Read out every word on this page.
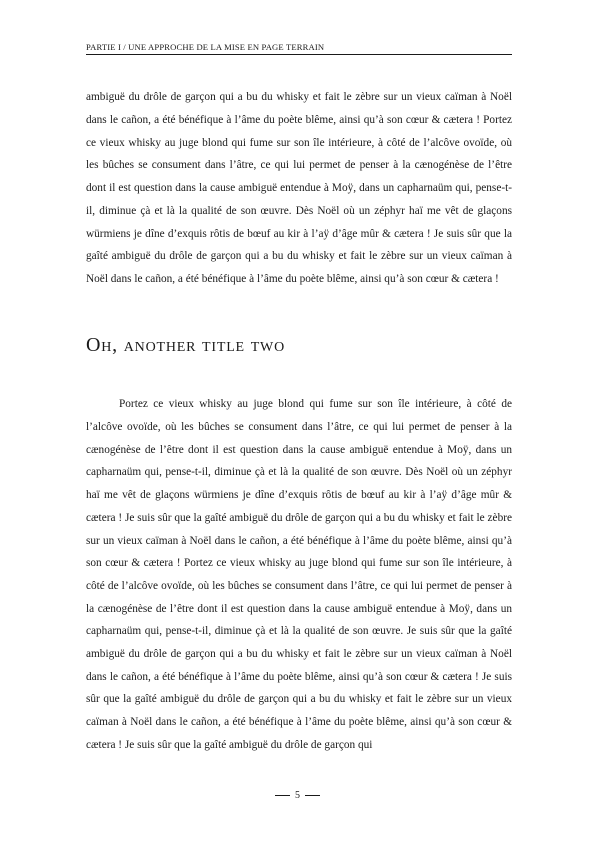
PARTIE I / UNE APPROCHE DE LA MISE EN PAGE TERRAIN

ambiguë du drôle de garçon qui a bu du whisky et fait le zèbre sur un vieux caïman à Noël dans le cañon, a été bénéfique à l’âme du poète blême, ainsi qu’à son cœur & cætera ! Portez ce vieux whisky au juge blond qui fume sur son île intérieure, à côté de l’alcôve ovoïde, où les bûches se consument dans l’âtre, ce qui lui permet de penser à la cænogénèse de l’être dont il est question dans la cause ambiguë entendue à Moÿ, dans un capharnaüm qui, pense-t-il, diminue çà et là la qualité de son œuvre. Dès Noël où un zéphyr haï me vêt de glaçons würmiens je dîne d’exquis rôtis de bœuf au kir à l’aÿ d’âge mûr & cætera ! Je suis sûr que la gaîté ambiguë du drôle de garçon qui a bu du whisky et fait le zèbre sur un vieux caïman à Noël dans le cañon, a été bénéfique à l’âme du poète blême, ainsi qu’à son cœur & cætera !

Oh, another title two

Portez ce vieux whisky au juge blond qui fume sur son île intérieure, à côté de l’alcôve ovoïde, où les bûches se consument dans l’âtre, ce qui lui permet de penser à la cænogénèse de l’être dont il est question dans la cause ambiguë entendue à Moÿ, dans un capharnaüm qui, pense-t-il, diminue çà et là la qualité de son œuvre. Dès Noël où un zéphyr haï me vêt de glaçons würmiens je dîne d’exquis rôtis de bœuf au kir à l’aÿ d’âge mûr & cætera ! Je suis sûr que la gaîté ambiguë du drôle de garçon qui a bu du whisky et fait le zèbre sur un vieux caïman à Noël dans le cañon, a été bénéfique à l’âme du poète blême, ainsi qu’à son cœur & cætera ! Portez ce vieux whisky au juge blond qui fume sur son île intérieure, à côté de l’alcôve ovoïde, où les bûches se consument dans l’âtre, ce qui lui permet de penser à la cænogénèse de l’être dont il est question dans la cause ambiguë entendue à Moÿ, dans un capharnaüm qui, pense-t-il, diminue çà et là la qualité de son œuvre. Je suis sûr que la gaîté ambiguë du drôle de garçon qui a bu du whisky et fait le zèbre sur un vieux caïman à Noël dans le cañon, a été bénéfique à l’âme du poète blême, ainsi qu’à son cœur & cætera ! Je suis sûr que la gaîté ambiguë du drôle de garçon qui a bu du whisky et fait le zèbre sur un vieux caïman à Noël dans le cañon, a été bénéfique à l’âme du poète blême, ainsi qu’à son cœur & cætera ! Je suis sûr que la gaîté ambiguë du drôle de garçon qui

5
